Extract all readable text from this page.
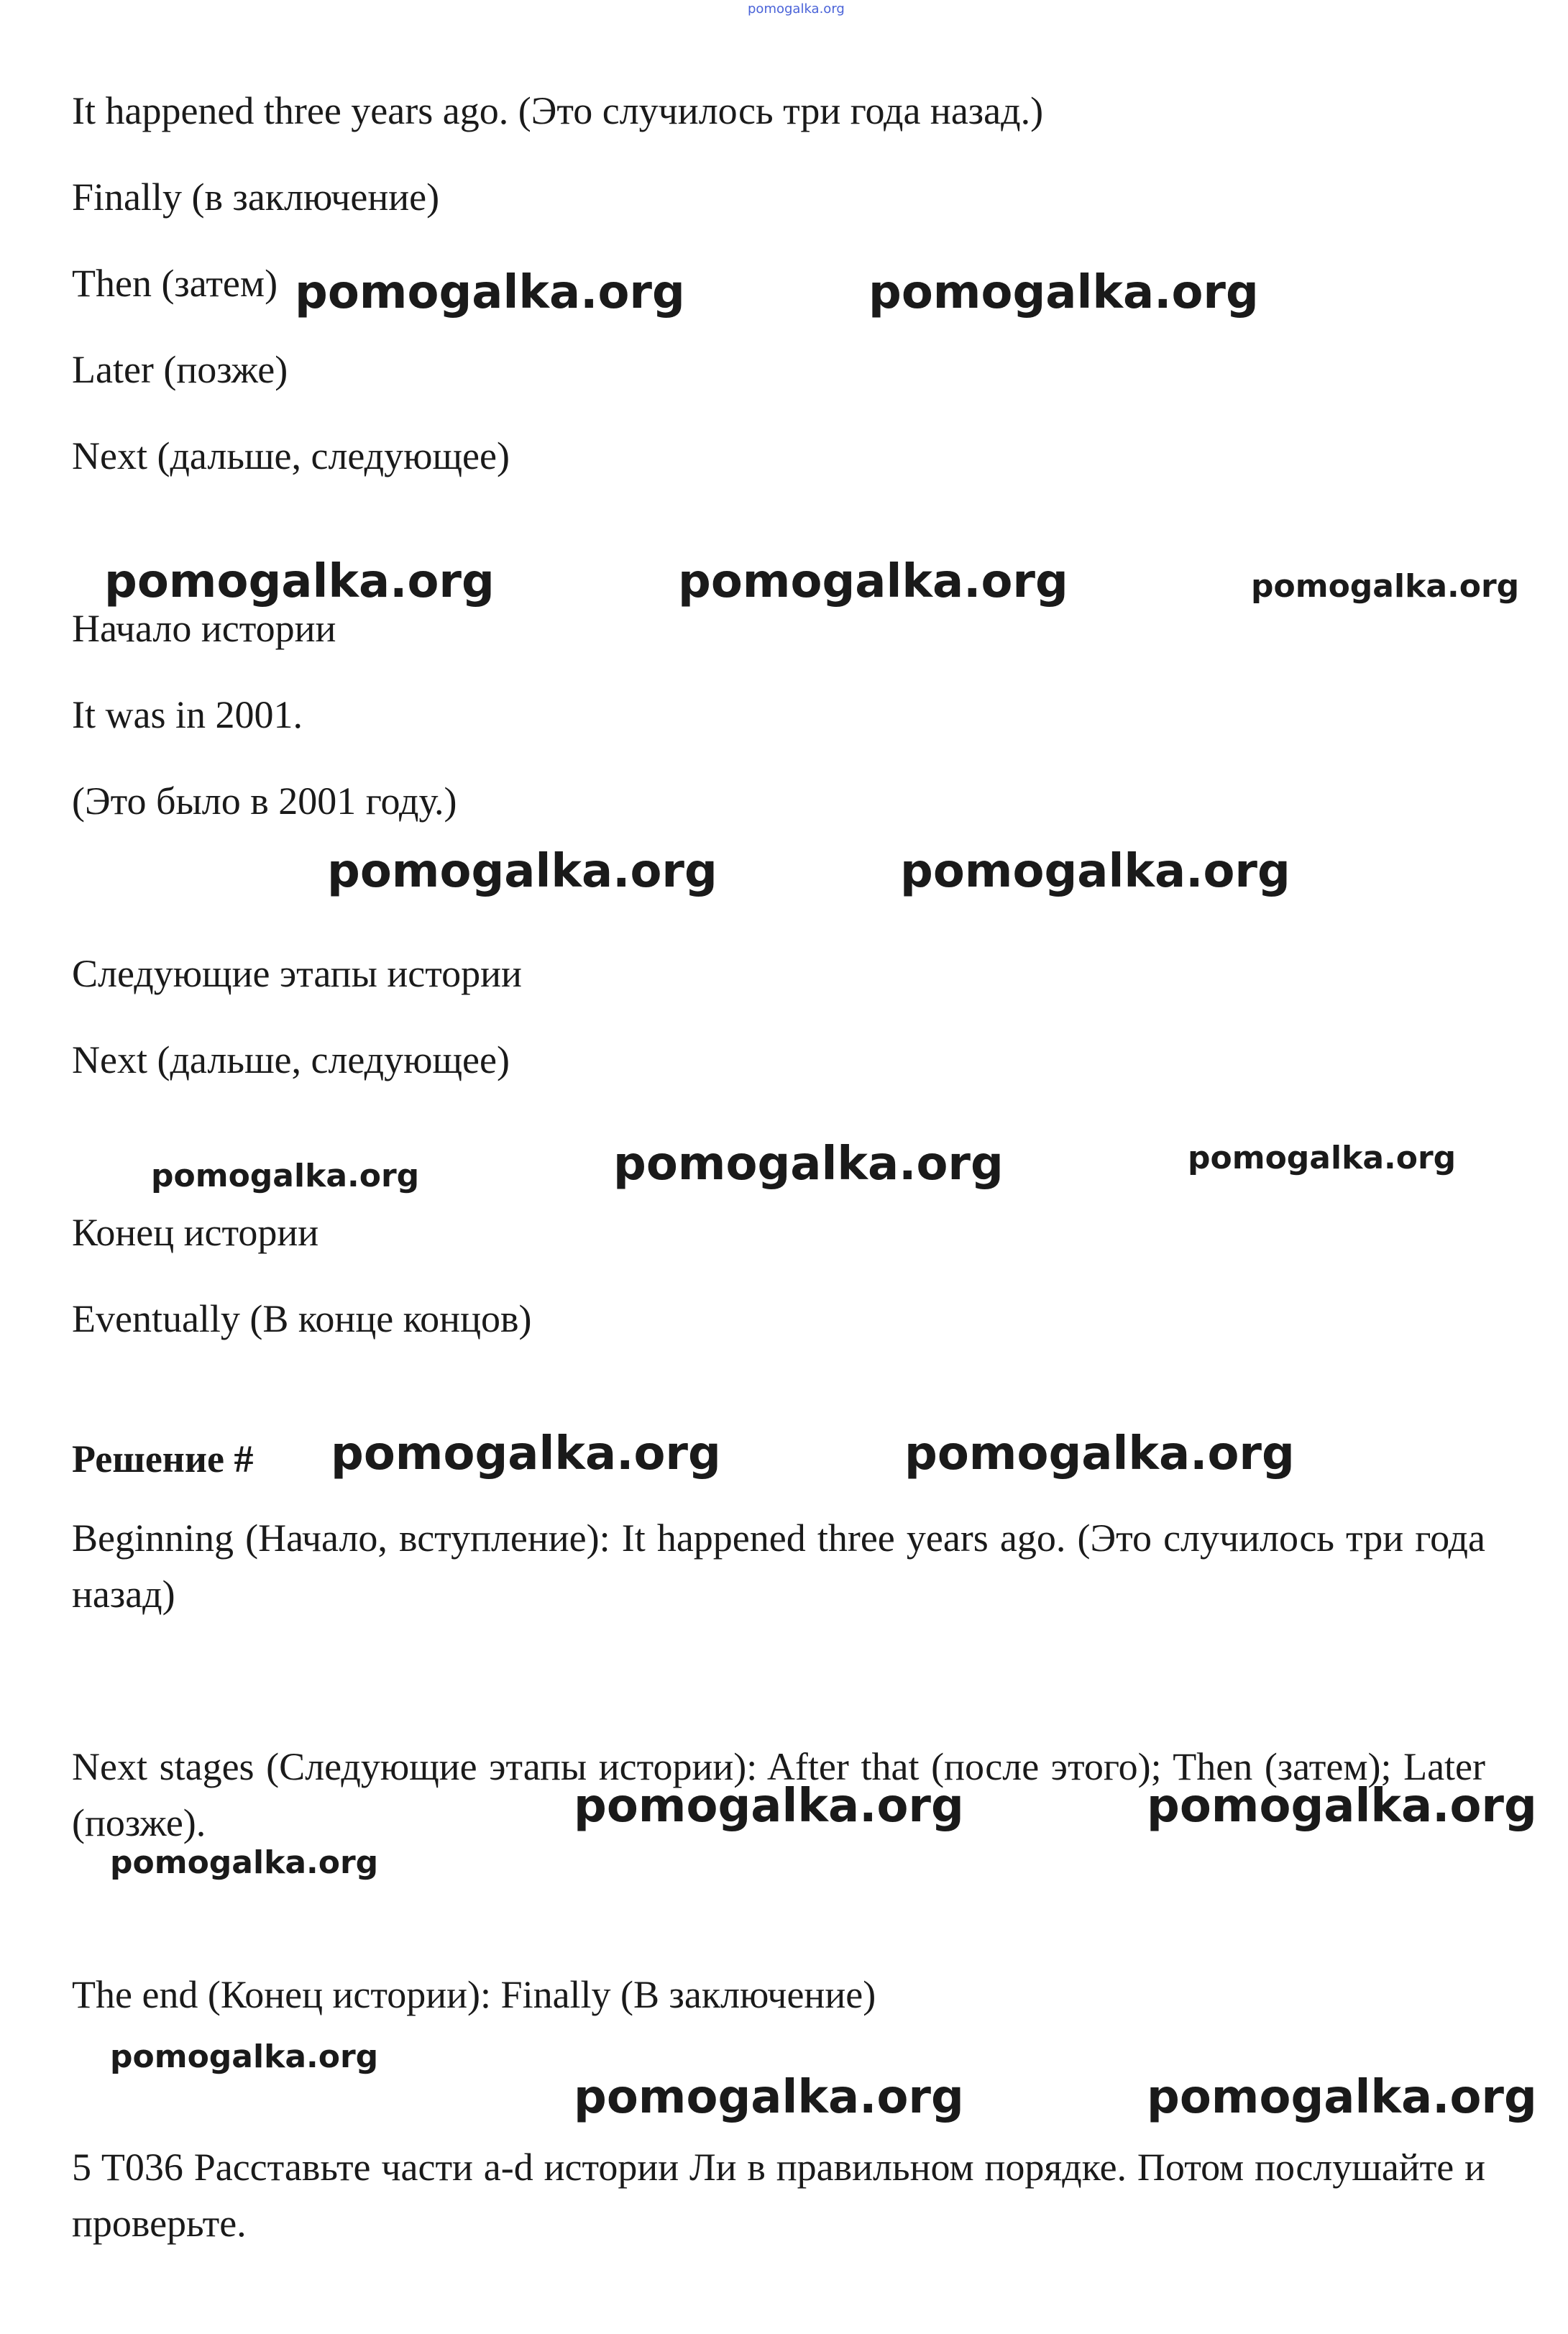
pomogalka.org

It happened three years ago. (Это случилось три года назад.)

Finally (в заключение)

Then (затем)

Later (позже)

Next (дальше, следующее)

Начало истории

It was in 2001.

(Это было в 2001 году.)

Следующие этапы истории

Next (дальше, следующее)

Конец истории

Eventually (В конце концов)

Решение #

Beginning (Начало, вступление): It happened three years ago. (Это случилось три года назад)

Next stages (Следующие этапы истории): After that (после этого); Then (затем); Later (позже).

The end (Конец истории): Finally (В заключение)

5 T036 Расставьте части a-d истории Ли в правильном порядке. Потом послушайте и проверьте.

pomogalka.org	pomogalka.org
pomogalka.org	pomogalka.org	pomogalka.org
pomogalka.org	pomogalka.org
pomogalka.org	pomogalka.org	pomogalka.org
pomogalka.org	pomogalka.org
pomogalka.org	pomogalka.org
pomogalka.org
pomogalka.org
pomogalka.org	pomogalka.org
